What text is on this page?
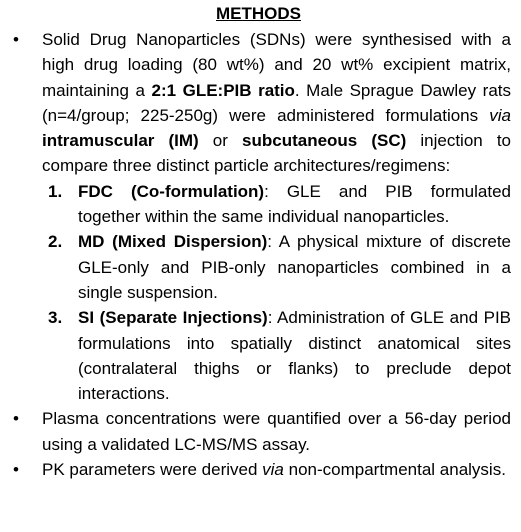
METHODS
• Solid Drug Nanoparticles (SDNs) were synthesised with a high drug loading (80 wt%) and 20 wt% excipient matrix, maintaining a 2:1 GLE:PIB ratio. Male Sprague Dawley rats (n=4/group; 225-250g) were administered formulations via intramuscular (IM) or subcutaneous (SC) injection to compare three distinct particle architectures/regimens:
1. FDC (Co-formulation): GLE and PIB formulated together within the same individual nanoparticles.
2. MD (Mixed Dispersion): A physical mixture of discrete GLE-only and PIB-only nanoparticles combined in a single suspension.
3. SI (Separate Injections): Administration of GLE and PIB formulations into spatially distinct anatomical sites (contralateral thighs or flanks) to preclude depot interactions.
• Plasma concentrations were quantified over a 56-day period using a validated LC-MS/MS assay.
• PK parameters were derived via non-compartmental analysis.
